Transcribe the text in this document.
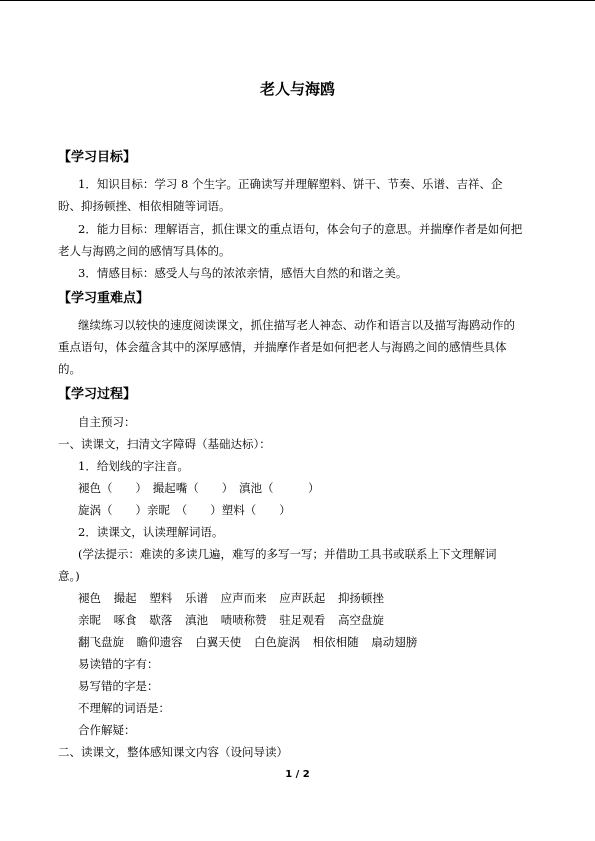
老人与海鸥
【学习目标】
1．知识目标：学习 8 个生字。正确读写并理解塑料、饼干、节奏、乐谱、吉祥、企
盼、抑扬顿挫、相依相随等词语。
2．能力目标：理解语言，抓住课文的重点语句，体会句子的意思。并揣摩作者是如何把
老人与海鸥之间的感情写具体的。
3．情感目标：感受人与鸟的浓浓亲情，感悟大自然的和谐之美。
【学习重难点】
继续练习以较快的速度阅读课文，抓住描写老人神态、动作和语言以及描写海鸥动作的
重点语句，体会蕴含其中的深厚感情，并揣摩作者是如何把老人与海鸥之间的感情些具体
的。
【学习过程】
自主预习：
一、读课文，扫清文字障碍（基础达标）：
1．给划线的字注音。
褪色（　　）　撮起嘴（　　）　滇池（　　　）
旋涡（　　）亲昵　（　　）塑料（　　）
2．读课文，认读理解词语。
(学法提示：难读的多读几遍，难写的多写一写；并借助工具书或联系上下文理解词
意。)
褪色 撮起 塑料 乐谱 应声而来 应声跃起 抑扬顿挫
亲昵 啄食 歇落 滇池 啧啧称赞 驻足观看 高空盘旋
翻飞盘旋 瞻仰遗容 白翼天使 白色旋涡 相依相随 扇动翅膀
易读错的字有：
易写错的字是：
不理解的词语是：
合作解疑：
二、读课文，整体感知课文内容（设问导读）
1 / 2
